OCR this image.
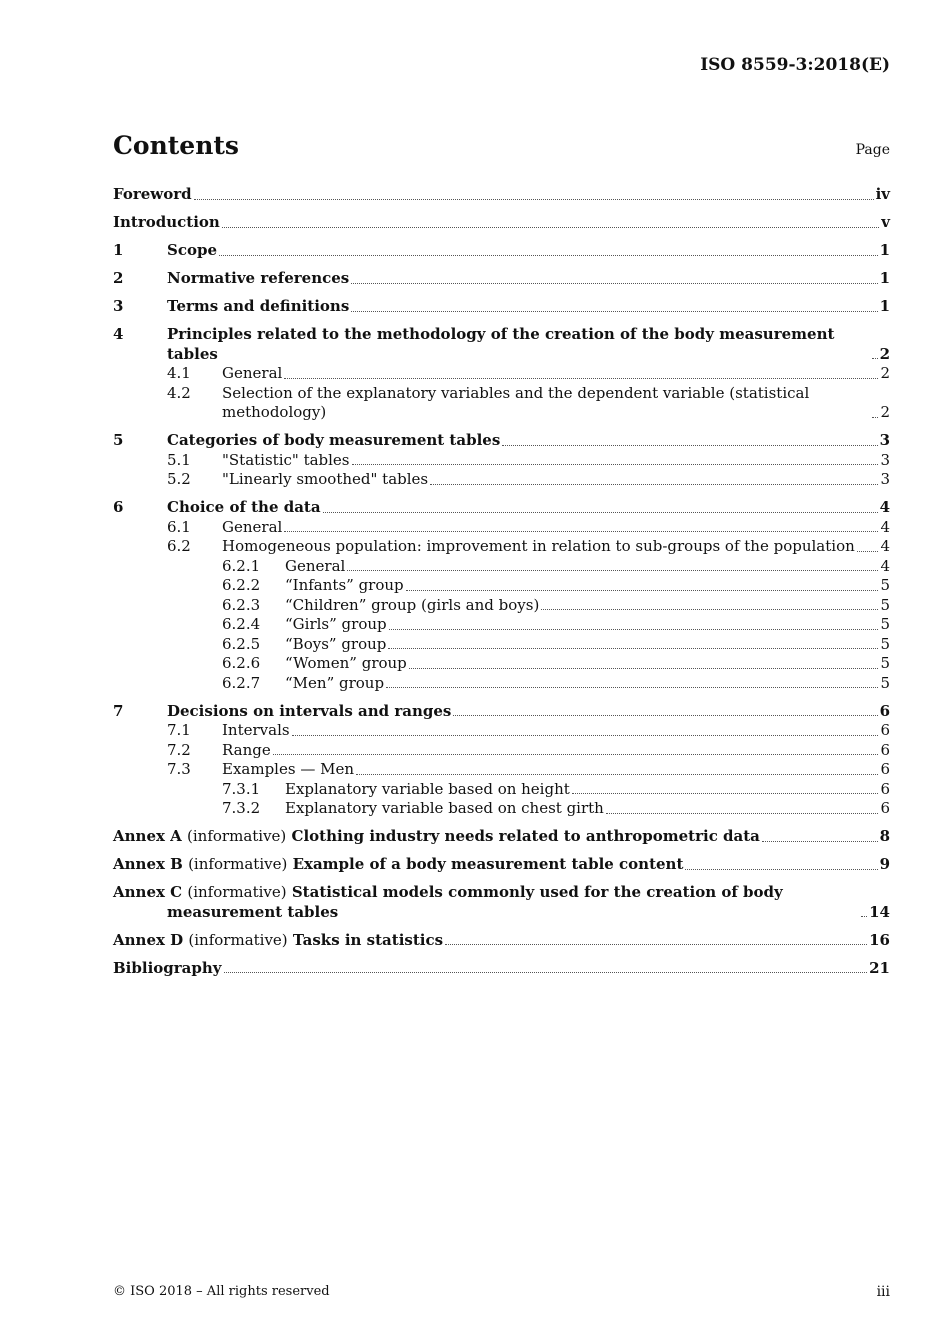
ISO 8559-3:2018(E)
Contents	Page
Foreword	iv
Introduction	v
1	Scope	1
2	Normative references	1
3	Terms and definitions	1
4	Principles related to the methodology of the creation of the body measurement tables	2
4.1 General	2
4.2 Selection of the explanatory variables and the dependent variable (statistical methodology)	2
5	Categories of body measurement tables	3
5.1 "Statistic" tables	3
5.2 "Linearly smoothed" tables	3
6	Choice of the data	4
6.1 General	4
6.2 Homogeneous population: improvement in relation to sub-groups of the population 4
6.2.1 General	4
6.2.2 “Infants” group	5
6.2.3 “Children” group (girls and boys)	5
6.2.4 “Girls” group	5
6.2.5 “Boys” group	5
6.2.6 “Women” group	5
6.2.7 “Men” group	5
7	Decisions on intervals and ranges	6
7.1 Intervals	6
7.2 Range	6
7.3 Examples — Men	6
7.3.1 Explanatory variable based on height	6
7.3.2 Explanatory variable based on chest girth	6
Annex A (informative) Clothing industry needs related to anthropometric data	8
Annex B (informative) Example of a body measurement table content	9
Annex C (informative) Statistical models commonly used for the creation of body measurement tables	14
Annex D (informative) Tasks in statistics	16
Bibliography	21
© ISO 2018 – All rights reserved	iii
